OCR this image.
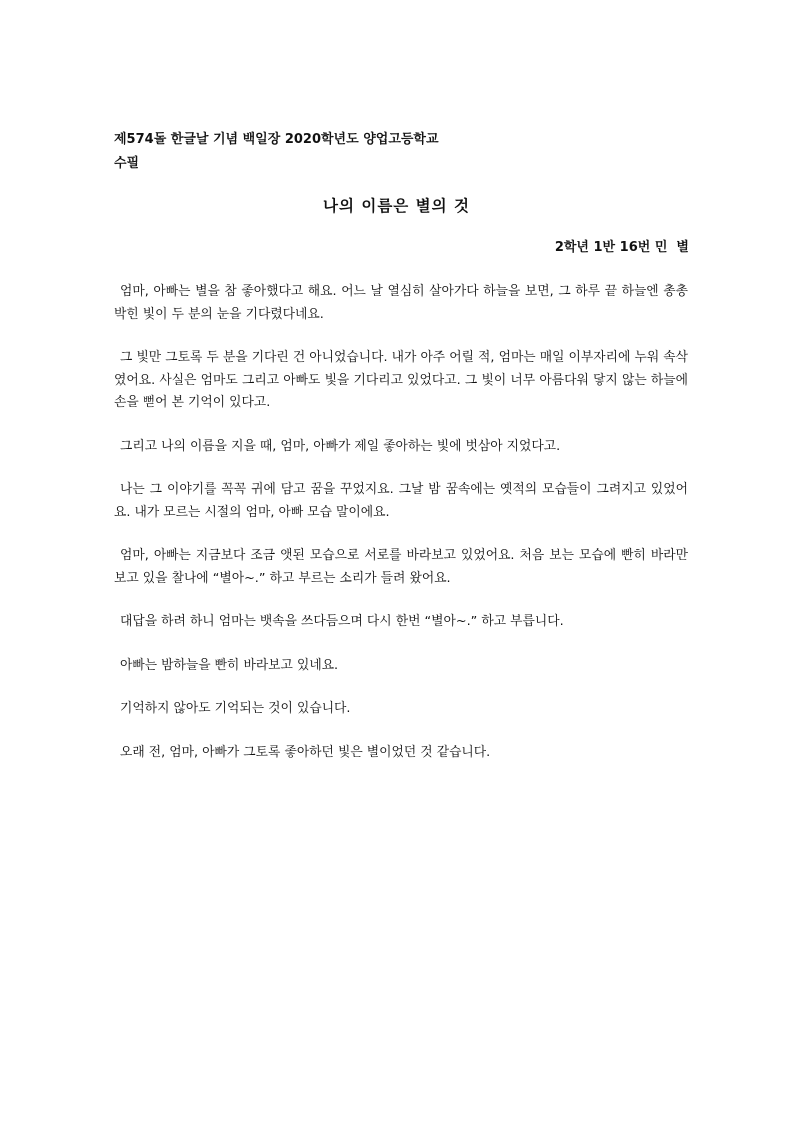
제574돌 한글날 기념 백일장 2020학년도 양업고등학교
수필
나의 이름은 별의 것
2학년 1반 16번 민  별

엄마, 아빠는 별을 참 좋아했다고 해요. 어느 날 열심히 살아가다 하늘을 보면, 그 하루 끝 하늘엔 총총 박힌 빛이 두 분의 눈을 기다렸다네요.

그 빛만 그토록 두 분을 기다린 건 아니었습니다. 내가 아주 어릴 적, 엄마는 매일 이부자리에 누워 속삭였어요. 사실은 엄마도 그리고 아빠도 빛을 기다리고 있었다고. 그 빛이 너무 아름다워 닿지 않는 하늘에 손을 뻗어 본 기억이 있다고.

그리고 나의 이름을 지을 때, 엄마, 아빠가 제일 좋아하는 빛에 벗삼아 지었다고.

나는 그 이야기를 꼭꼭 귀에 담고 꿈을 꾸었지요. 그날 밤 꿈속에는 옛적의 모습들이 그려지고 있었어요. 내가 모르는 시절의 엄마, 아빠 모습 말이에요.

엄마, 아빠는 지금보다 조금 앳된 모습으로 서로를 바라보고 있었어요. 처음 보는 모습에 빤히 바라만 보고 있을 찰나에 “별아~.” 하고 부르는 소리가 들려 왔어요.

대답을 하려 하니 엄마는 뱃속을 쓰다듬으며 다시 한번 “별아~.” 하고 부릅니다.

아빠는 밤하늘을 빤히 바라보고 있네요.

기억하지 않아도 기억되는 것이 있습니다.

오래 전, 엄마, 아빠가 그토록 좋아하던 빛은 별이었던 것 같습니다.
